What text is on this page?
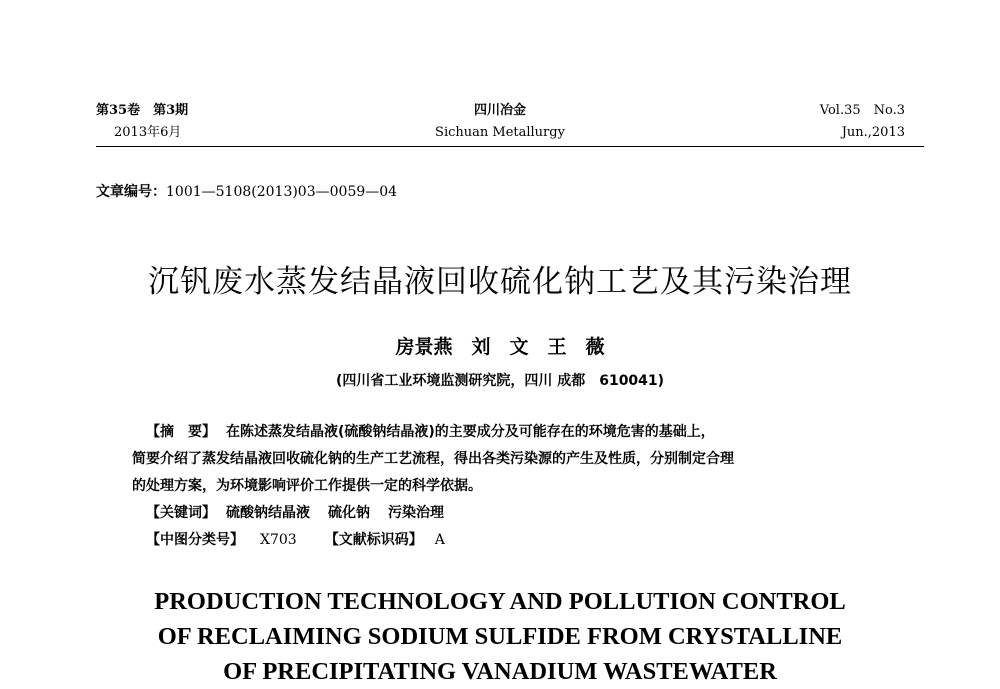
第35卷　第3期
2013年6月
四川冶金
Sichuan Metallurgy
Vol.35　No.3
Jun.,2013
文章编号：1001—5108(2013)03—0059—04
沉钒废水蒸发结晶液回收硫化钠工艺及其污染治理
房景燕　刘　文　王　薇
(四川省工业环境监测研究院，四川 成都　610041)
【摘　要】 在陈述蒸发结晶液(硫酸钠结晶液)的主要成分及可能存在的环境危害的基础上，
简要介绍了蒸发结晶液回收硫化钠的生产工艺流程，得出各类污染源的产生及性质，分别制定合理
的处理方案，为环境影响评价工作提供一定的科学依据。
【关键词】 硫酸钠结晶液 硫化钠 污染治理
【中图分类号】 X703 【文献标识码】 A
PRODUCTION TECHNOLOGY AND POLLUTION CONTROL
OF RECLAIMING SODIUM SULFIDE FROM CRYSTALLINE
OF PRECIPITATING VANADIUM WASTEWATER
